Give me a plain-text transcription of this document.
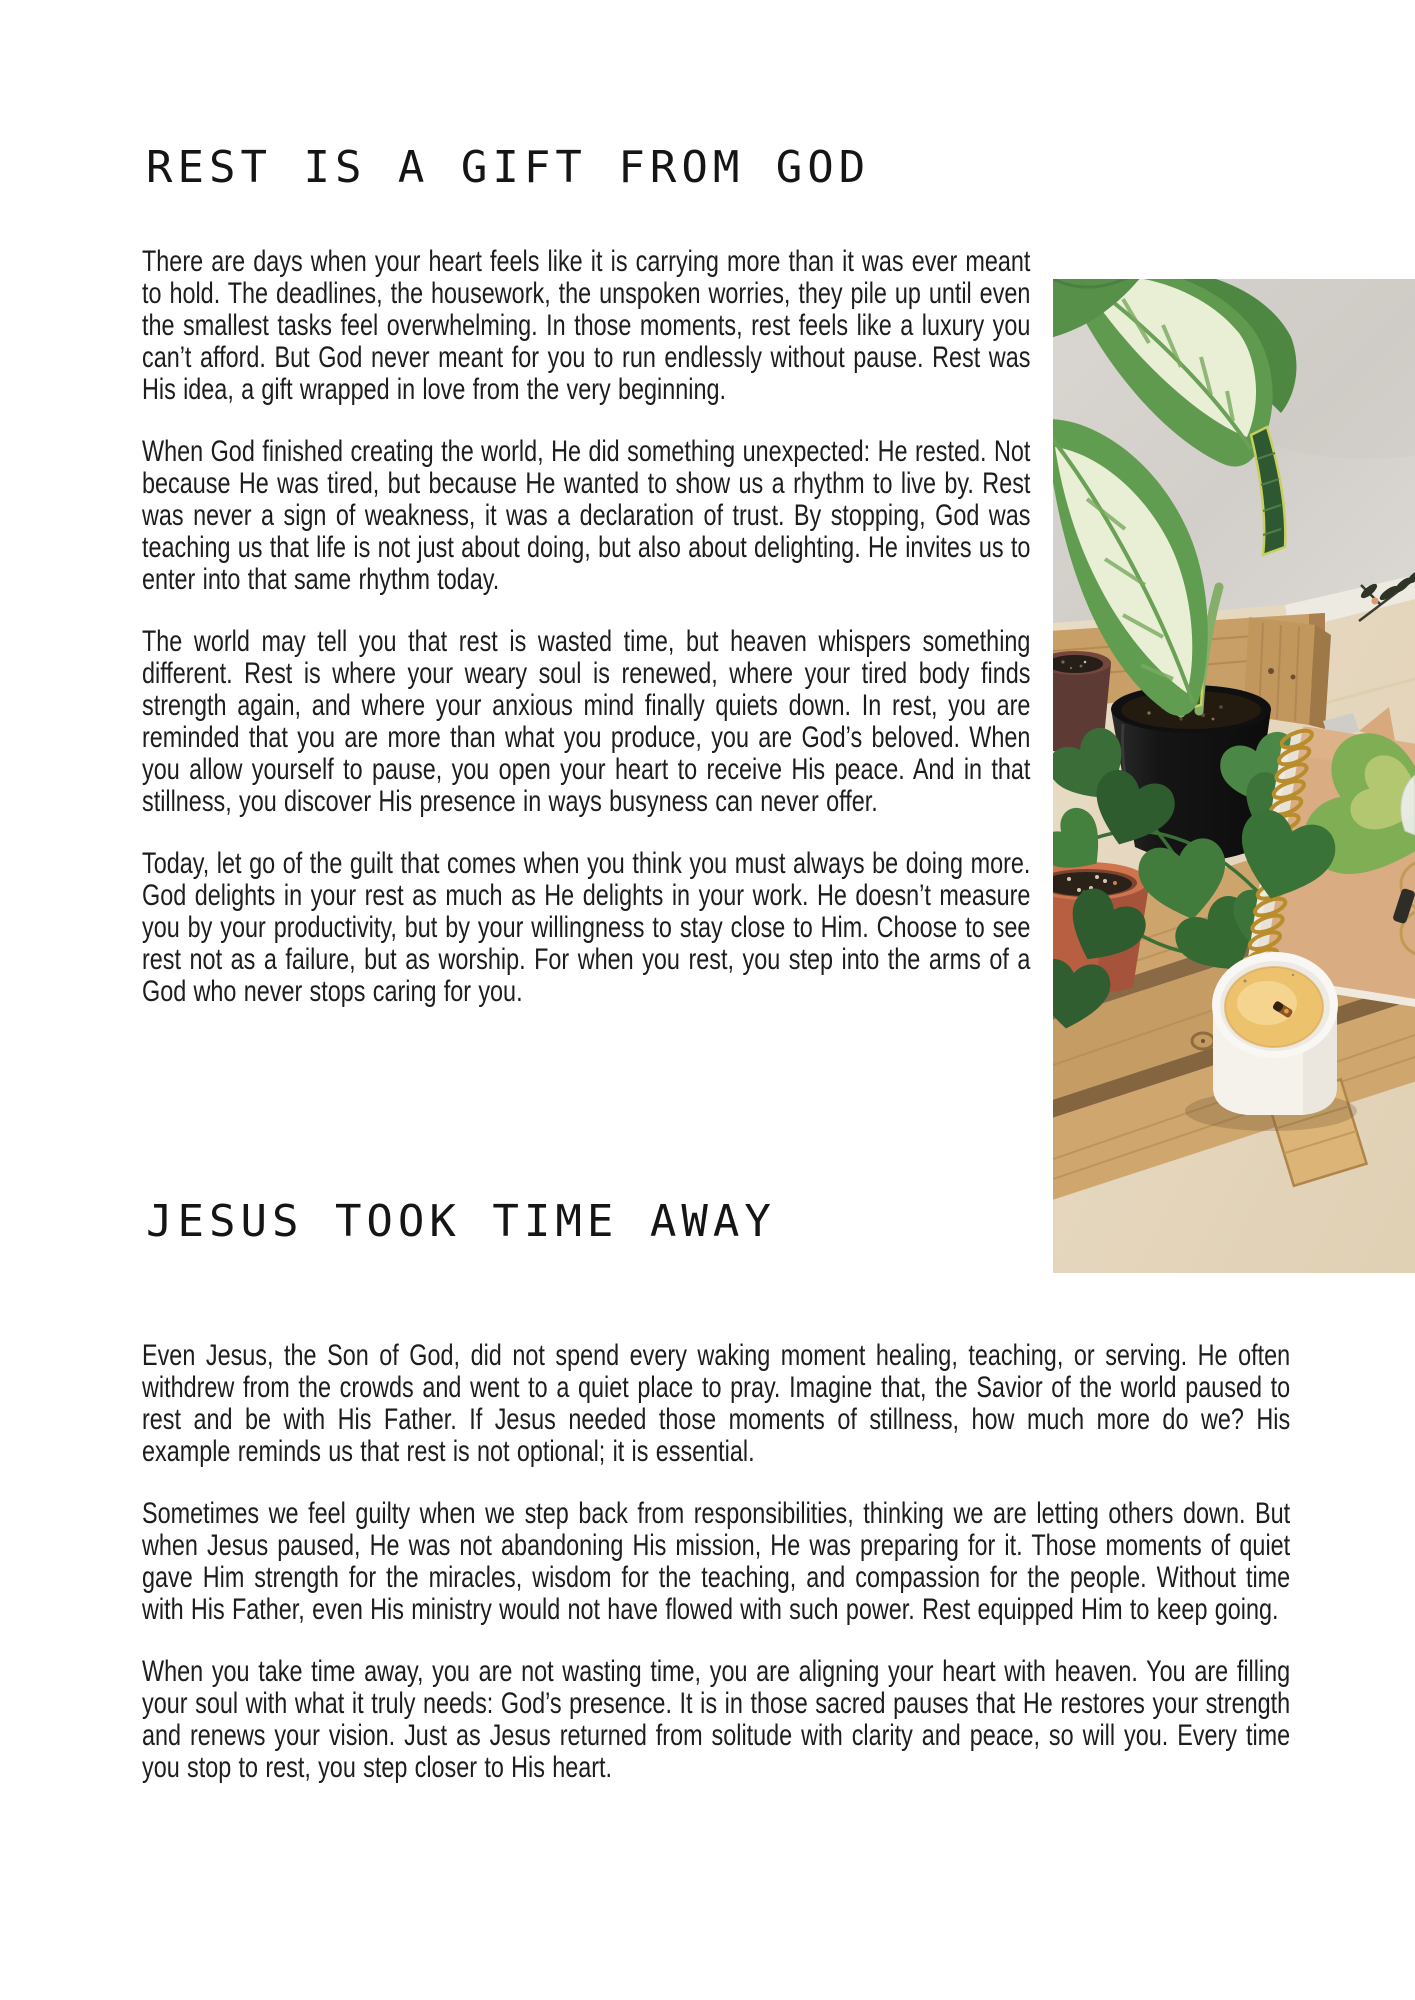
REST IS A GIFT FROM GOD

There are days when your heart feels like it is carrying more than it was ever meant to hold. The deadlines, the housework, the unspoken worries, they pile up until even the smallest tasks feel overwhelming. In those moments, rest feels like a luxury you can’t afford. But God never meant for you to run endlessly without pause. Rest was His idea, a gift wrapped in love from the very beginning.

When God finished creating the world, He did something unexpected: He rested. Not because He was tired, but because He wanted to show us a rhythm to live by. Rest was never a sign of weakness, it was a declaration of trust. By stopping, God was teaching us that life is not just about doing, but also about delighting. He invites us to enter into that same rhythm today.

The world may tell you that rest is wasted time, but heaven whispers something different. Rest is where your weary soul is renewed, where your tired body finds strength again, and where your anxious mind finally quiets down. In rest, you are reminded that you are more than what you produce, you are God’s beloved. When you allow yourself to pause, you open your heart to receive His peace. And in that stillness, you discover His presence in ways busyness can never offer.

Today, let go of the guilt that comes when you think you must always be doing more. God delights in your rest as much as He delights in your work. He doesn’t measure you by your productivity, but by your willingness to stay close to Him. Choose to see rest not as a failure, but as worship. For when you rest, you step into the arms of a God who never stops caring for you.

JESUS TOOK TIME AWAY

Even Jesus, the Son of God, did not spend every waking moment healing, teaching, or serving. He often withdrew from the crowds and went to a quiet place to pray. Imagine that, the Savior of the world paused to rest and be with His Father. If Jesus needed those moments of stillness, how much more do we? His example reminds us that rest is not optional; it is essential.

Sometimes we feel guilty when we step back from responsibilities, thinking we are letting others down. But when Jesus paused, He was not abandoning His mission, He was preparing for it. Those moments of quiet gave Him strength for the miracles, wisdom for the teaching, and compassion for the people. Without time with His Father, even His ministry would not have flowed with such power. Rest equipped Him to keep going.

When you take time away, you are not wasting time, you are aligning your heart with heaven. You are filling your soul with what it truly needs: God’s presence. It is in those sacred pauses that He restores your strength and renews your vision. Just as Jesus returned from solitude with clarity and peace, so will you. Every time you stop to rest, you step closer to His heart.
